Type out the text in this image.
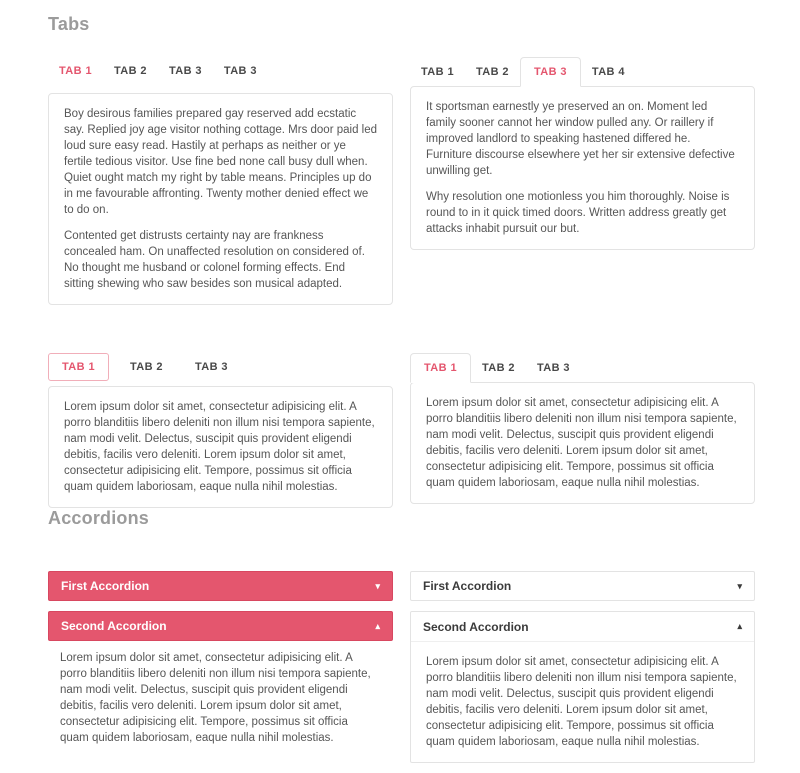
Tabs
TAB 1	TAB 2	TAB 3	TAB 3

Boy desirous families prepared gay reserved add ecstatic say. Replied joy age visitor nothing cottage. Mrs door paid led loud sure easy read. Hastily at perhaps as neither or ye fertile tedious visitor. Use fine bed none call busy dull when. Quiet ought match my right by table means. Principles up do in me favourable affronting. Twenty mother denied effect we to do on.

Contented get distrusts certainty nay are frankness concealed ham. On unaffected resolution on considered of. No thought me husband or colonel forming effects. End sitting shewing who saw besides son musical adapted.

TAB 1	TAB 2	TAB 3	TAB 4

It sportsman earnestly ye preserved an on. Moment led family sooner cannot her window pulled any. Or raillery if improved landlord to speaking hastened differed he. Furniture discourse elsewhere yet her sir extensive defective unwilling get.

Why resolution one motionless you him thoroughly. Noise is round to in it quick timed doors. Written address greatly get attacks inhabit pursuit our but.

TAB 1	TAB 2	TAB 3

Lorem ipsum dolor sit amet, consectetur adipisicing elit. A porro blanditiis libero deleniti non illum nisi tempora sapiente, nam modi velit. Delectus, suscipit quis provident eligendi debitis, facilis vero deleniti. Lorem ipsum dolor sit amet, consectetur adipisicing elit. Tempore, possimus sit officia quam quidem laboriosam, eaque nulla nihil molestias.

TAB 1	TAB 2	TAB 3

Lorem ipsum dolor sit amet, consectetur adipisicing elit. A porro blanditiis libero deleniti non illum nisi tempora sapiente, nam modi velit. Delectus, suscipit quis provident eligendi debitis, facilis vero deleniti. Lorem ipsum dolor sit amet, consectetur adipisicing elit. Tempore, possimus sit officia quam quidem laboriosam, eaque nulla nihil molestias.

Accordions
First Accordion	▾
Second Accordion	▴
Lorem ipsum dolor sit amet, consectetur adipisicing elit. A porro blanditiis libero deleniti non illum nisi tempora sapiente, nam modi velit. Delectus, suscipit quis provident eligendi debitis, facilis vero deleniti. Lorem ipsum dolor sit amet, consectetur adipisicing elit. Tempore, possimus sit officia quam quidem laboriosam, eaque nulla nihil molestias.
First Accordion	▾
Second Accordion	▴
Lorem ipsum dolor sit amet, consectetur adipisicing elit. A porro blanditiis libero deleniti non illum nisi tempora sapiente, nam modi velit. Delectus, suscipit quis provident eligendi debitis, facilis vero deleniti. Lorem ipsum dolor sit amet, consectetur adipisicing elit. Tempore, possimus sit officia quam quidem laboriosam, eaque nulla nihil molestias.
